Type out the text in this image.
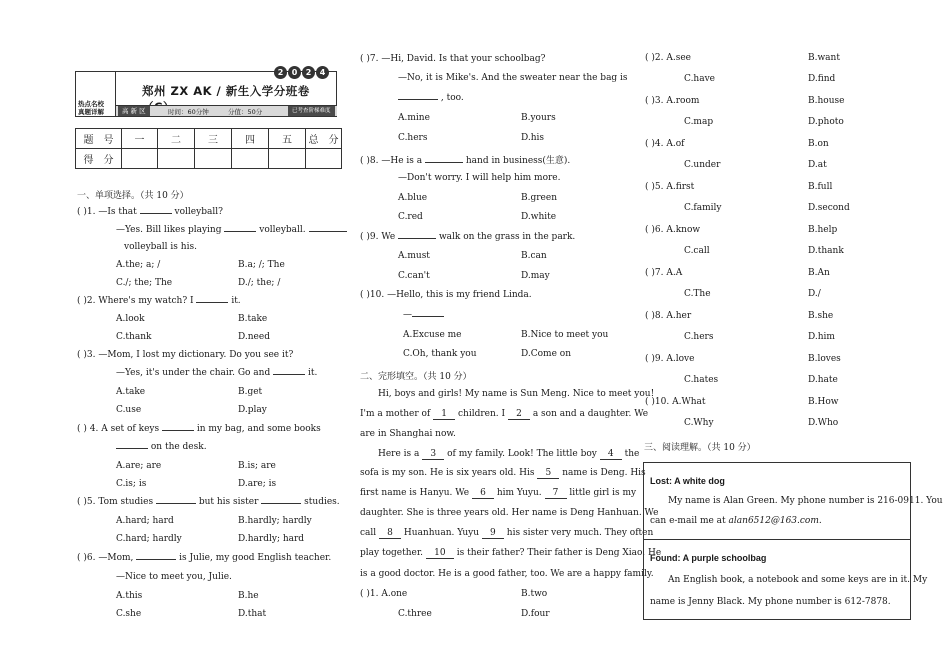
热点名校
真题详解
2	0	2	4
郑州 ZX AK / 新生入学分班卷
高 新 区	时间：60分钟	分值：50分	已考查阶梯难度
题　号	一	二	三	四	五	总　分
得　分						
一、单项选择。（共 10 分）
( )1. —Is that	volleyball?
—Yes. Bill likes playing	volleyball.
volleyball is his.
A.the; a; /	B.a; /; The
C./; the; The	D./; the; /
( )2. Where's my watch? I	it.
A.look	B.take
C.thank	D.need
( )3. —Mom, I lost my dictionary. Do you see it?
—Yes, it's under the chair. Go and	it.
A.take	B.get
C.use	D.play
( ) 4. A set of keys	in my bag, and some books
on the desk.
A.are; are	B.is; are
C.is; is	D.are; is
( )5. Tom studies	but his sister	studies.
A.hard; hard	B.hardly; hardly
C.hard; hardly	D.hardly; hard
( )6. —Mom,	is Julie, my good English teacher.
—Nice to meet you, Julie.
A.this	B.he
C.she	D.that
( )7. —Hi, David. Is that your schoolbag?
—No, it is Mike's. And the sweater near the bag is
, too.
A.mine	B.yours
C.hers	D.his
( )8. —He is a	hand in business(生意).
—Don't worry. I will help him more.
A.blue	B.green
C.red	D.white
( )9. We	walk on the grass in the park.
A.must	B.can
C.can't	D.may
( )10. —Hello, this is my friend Linda.
—
A.Excuse me	B.Nice to meet you
C.Oh, thank you	D.Come on
二、完形填空。（共 10 分）
Hi, boys and girls! My name is Sun Meng. Nice to meet you!
I'm a mother of 1 children. I 2 a son and a daughter. We
are in Shanghai now.
Here is a 3 of my family. Look! The little boy 4 the
sofa is my son. He is six years old. His 5 name is Deng. His
first name is Hanyu. We 6 him Yuyu. 7 little girl is my
daughter. She is three years old. Her name is Deng Hanhuan. We
call 8 Huanhuan. Yuyu 9 his sister very much. They often
play together. 10 is their father? Their father is Deng Xiao. He
is a good doctor. He is a good father, too. We are a happy family.
( )1. A.one	B.two
C.three	D.four
( )2. A.see	B.want
C.have	D.find
( )3. A.room	B.house
C.map	D.photo
( )4. A.of	B.on
C.under	D.at
( )5. A.first	B.full
C.family	D.second
( )6. A.know	B.help
C.call	D.thank
( )7. A.A	B.An
C.The	D./
( )8. A.her	B.she
C.hers	D.him
( )9. A.love	B.loves
C.hates	D.hate
( )10. A.What	B.How
C.Why	D.Who
三、阅读理解。（共 10 分）
Lost: A white dog
My name is Alan Green. My phone number is 216-0911. You
can e-mail me at alan6512@163.com.
Found: A purple schoolbag
An English book, a notebook and some keys are in it. My
name is Jenny Black. My phone number is 612-7878.
